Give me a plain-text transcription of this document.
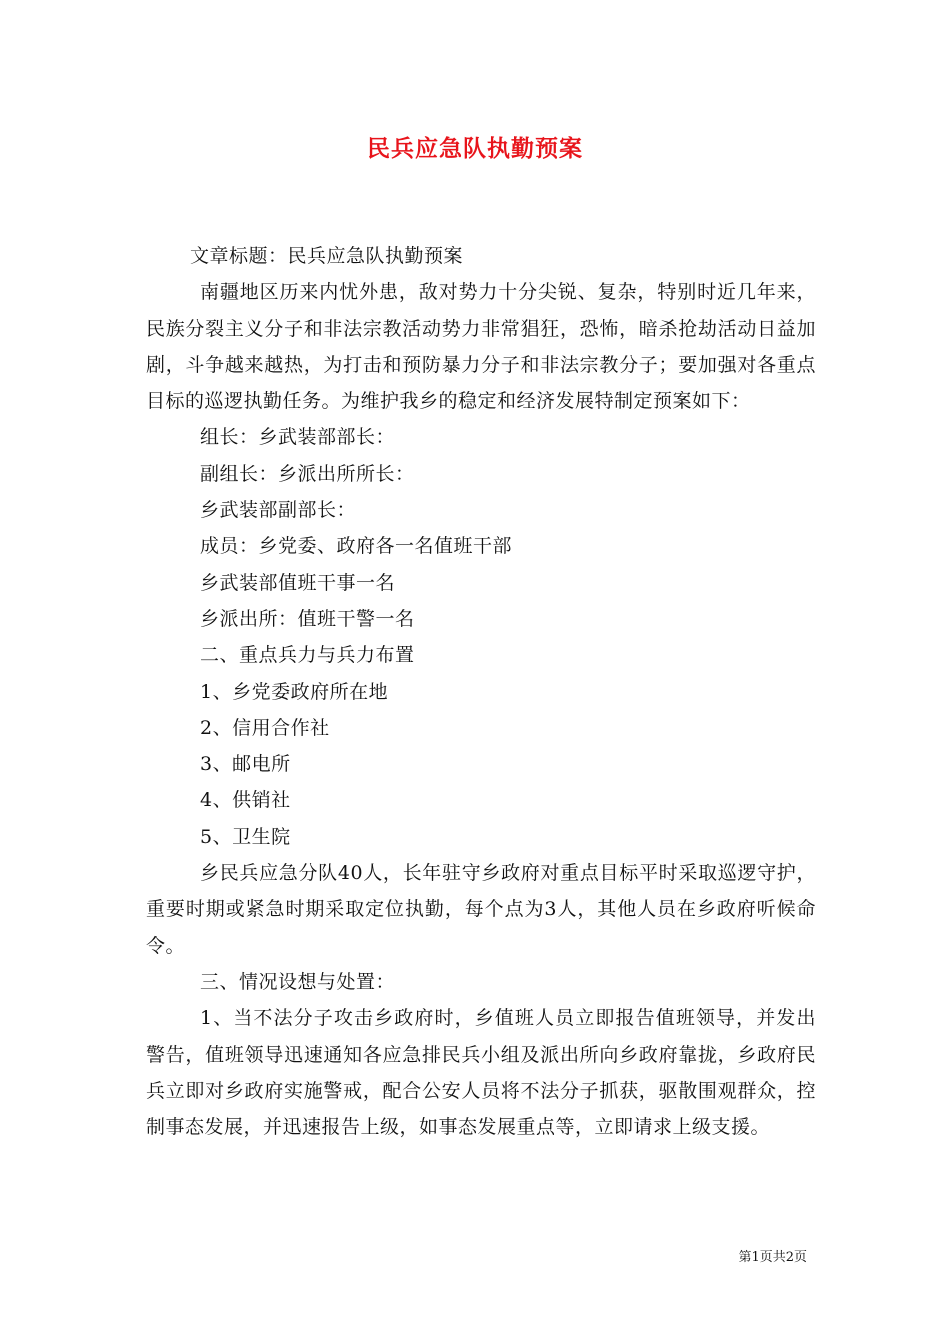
民兵应急队执勤预案

文章标题：民兵应急队执勤预案

南疆地区历来内忧外患，敌对势力十分尖锐、复杂，特别时近几年来，民族分裂主义分子和非法宗教活动势力非常猖狂，恐怖，暗杀抢劫活动日益加剧，斗争越来越热，为打击和预防暴力分子和非法宗教分子；要加强对各重点目标的巡逻执勤任务。为维护我乡的稳定和经济发展特制定预案如下：

组长：乡武装部部长：

副组长：乡派出所所长：

乡武装部副部长：

成员：乡党委、政府各一名值班干部

乡武装部值班干事一名

乡派出所：值班干警一名

二、重点兵力与兵力布置

1、乡党委政府所在地

2、信用合作社

3、邮电所

4、供销社

5、卫生院

乡民兵应急分队40人，长年驻守乡政府对重点目标平时采取巡逻守护，重要时期或紧急时期采取定位执勤，每个点为3人，其他人员在乡政府听候命令。

三、情况设想与处置：

1、当不法分子攻击乡政府时，乡值班人员立即报告值班领导，并发出警告，值班领导迅速通知各应急排民兵小组及派出所向乡政府靠拢，乡政府民兵立即对乡政府实施警戒，配合公安人员将不法分子抓获，驱散围观群众，控制事态发展，并迅速报告上级，如事态发展重点等，立即请求上级支援。

第1页共2页
